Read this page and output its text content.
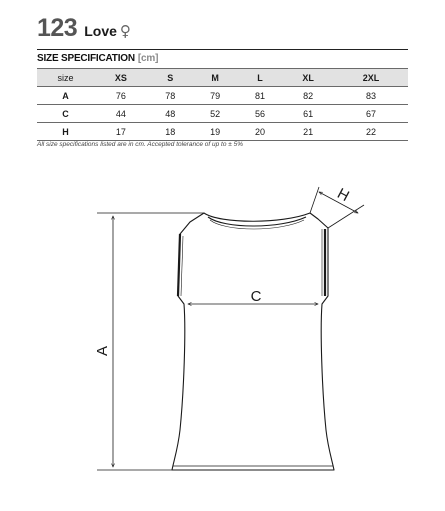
123 Love ♀
SIZE SPECIFICATION [cm]
size	XS	S	M	L	XL	2XL
A	76	78	79	81	82	83
C	44	48	52	56	61	67
H	17	18	19	20	21	22
All size specifications listed are in cm. Accepted tolerance of up to ± 5%
A
C
H
